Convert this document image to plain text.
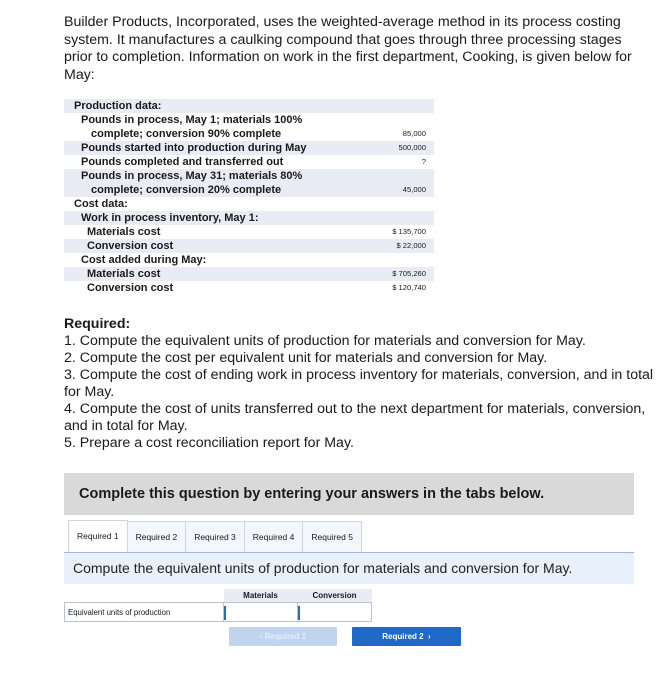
Builder Products, Incorporated, uses the weighted-average method in its process costing system. It manufactures a caulking compound that goes through three processing stages prior to completion. Information on work in the first department, Cooking, is given below for May:

Production data:	
Pounds in process, May 1; materials 100%	
complete; conversion 90% complete	85,000
Pounds started into production during May	500,000
Pounds completed and transferred out	?
Pounds in process, May 31; materials 80%	
complete; conversion 20% complete	45,000
Cost data:	
Work in process inventory, May 1:	
Materials cost	$ 135,700
Conversion cost	$ 22,000
Cost added during May:	
Materials cost	$ 705,260
Conversion cost	$ 120,740

Required:

1. Compute the equivalent units of production for materials and conversion for May.

2. Compute the cost per equivalent unit for materials and conversion for May.

3. Compute the cost of ending work in process inventory for materials, conversion, and in total for May.

4. Compute the cost of units transferred out to the next department for materials, conversion, and in total for May.

5. Prepare a cost reconciliation report for May.

Complete this question by entering your answers in the tabs below.
Required 1	Required 2	Required 3	Required 4	Required 5
Compute the equivalent units of production for materials and conversion for May.
	Materials	Conversion
Equivalent units of production		
‹ Required 1	Required 2  ›
